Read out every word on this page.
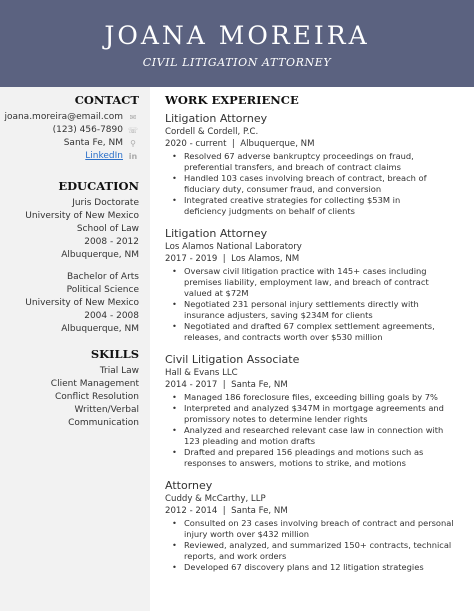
JOANA MOREIRA
CIVIL LITIGATION ATTORNEY
CONTACT
joana.moreira@email.com ✉
(123) 456-7890 ☏
Santa Fe, NM ⚲
LinkedIn in
EDUCATION
Juris Doctorate
University of New Mexico
School of Law
2008 - 2012
Albuquerque, NM
Bachelor of Arts
Political Science
University of New Mexico
2004 - 2008
Albuquerque, NM
SKILLS
Trial Law
Client Management
Conflict Resolution
Written/Verbal
Communication
WORK EXPERIENCE
Litigation Attorney
Cordell & Cordell, P.C.
2020 - current  |  Albuquerque, NM
• Resolved 67 adverse bankruptcy proceedings on fraud,
preferential transfers, and breach of contract claims
• Handled 103 cases involving breach of contract, breach of
fiduciary duty, consumer fraud, and conversion
• Integrated creative strategies for collecting $53M in
deficiency judgments on behalf of clients
Litigation Attorney
Los Alamos National Laboratory
2017 - 2019  |  Los Alamos, NM
• Oversaw civil litigation practice with 145+ cases including
premises liability, employment law, and breach of contract
valued at $72M
• Negotiated 231 personal injury settlements directly with
insurance adjusters, saving $234M for clients
• Negotiated and drafted 67 complex settlement agreements,
releases, and contracts worth over $530 million
Civil Litigation Associate
Hall & Evans LLC
2014 - 2017  |  Santa Fe, NM
• Managed 186 foreclosure files, exceeding billing goals by 7%
• Interpreted and analyzed $347M in mortgage agreements and
promissory notes to determine lender rights
• Analyzed and researched relevant case law in connection with
123 pleading and motion drafts
• Drafted and prepared 156 pleadings and motions such as
responses to answers, motions to strike, and motions
Attorney
Cuddy & McCarthy, LLP
2012 - 2014  |  Santa Fe, NM
• Consulted on 23 cases involving breach of contract and personal
injury worth over $432 million
• Reviewed, analyzed, and summarized 150+ contracts, technical
reports, and work orders
• Developed 67 discovery plans and 12 litigation strategies
